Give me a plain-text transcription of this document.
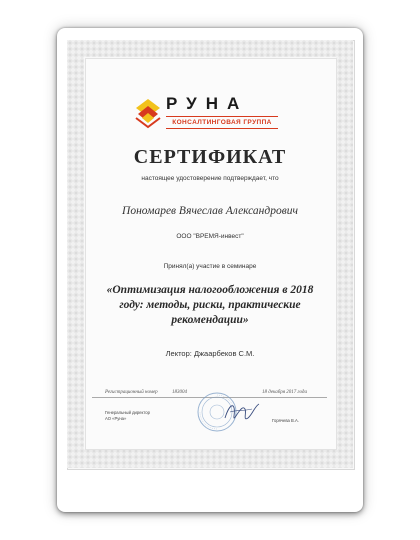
РУНА
КОНСАЛТИНГОВАЯ ГРУППА
СЕРТИФИКАТ
настоящее удостоверение подтверждает, что
Пономарев Вячеслав Александрович
ООО "ВРЕМЯ-инвест"
Принял(а) участие в семинаре
«Оптимизация налогообложения в 2018 году: методы, риски, практические рекомендации»
Лектор: Джаарбеков С.М.
Регистрационный номер	183004	18 декабря 2017 года
Генеральный директор
АО «Руна»	Горячева В.А.
